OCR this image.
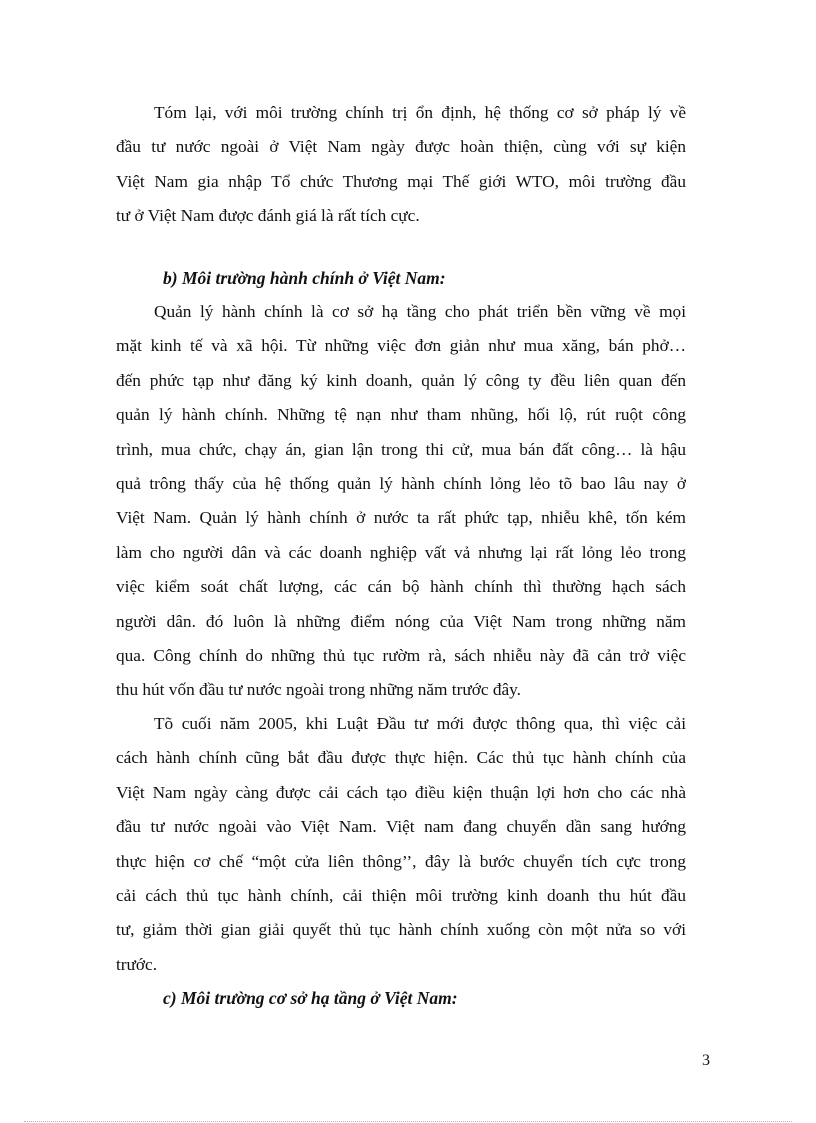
Tóm lại, với môi trường chính trị ổn định, hệ thống cơ sở pháp lý về
đầu tư nước ngoài ở Việt Nam ngày được hoàn thiện, cùng với sự kiện
Việt Nam gia nhập Tổ chức Thương mại Thế giới WTO, môi trường đầu
tư ở Việt Nam được đánh giá là rất tích cực.
b) Môi trường hành chính ở Việt Nam:
Quản lý hành chính là cơ sở hạ tầng cho phát triển bền vững về mọi
mặt kinh tế và xã hội. Từ những việc đơn giản như mua xăng, bán phở…
đến phức tạp như đăng ký kinh doanh, quản lý công ty đều liên quan đến
quản lý hành chính. Những tệ nạn như tham nhũng, hối lộ, rút ruột công
trình, mua chức, chạy án, gian lận trong thi cử, mua bán đất công… là hậu
quả trông thấy của hệ thống quản lý hành chính lỏng lẻo tõ bao lâu nay ở
Việt Nam. Quản lý hành chính ở nước ta rất phức tạp, nhiễu khê, tốn kém
làm cho người dân và các doanh nghiệp vất vả nhưng lại rất lỏng lẻo trong
việc kiểm soát chất lượng, các cán bộ hành chính thì thường hạch sách
người dân. đó luôn là những điểm nóng của Việt Nam trong những năm
qua. Công chính do những thủ tục rườm rà, sách nhiễu này đã cản trở việc
thu hút vốn đầu tư nước ngoài trong những năm trước đây.
Tõ cuối năm 2005, khi Luật Đầu tư mới được thông qua, thì việc cải
cách hành chính cũng bắt đầu được thực hiện. Các thủ tục hành chính của
Việt Nam ngày càng được cải cách tạo điều kiện thuận lợi hơn cho các nhà
đầu tư nước ngoài vào Việt Nam. Việt nam đang chuyển dần sang hướng
thực hiện cơ chế “một cửa liên thông’’, đây là bước chuyển tích cực trong
cải cách thủ tục hành chính, cải thiện môi trường kinh doanh thu hút đầu
tư, giảm thời gian giải quyết thủ tục hành chính xuống còn một nửa so với
trước.
c) Môi trường cơ sở hạ tầng ở Việt Nam:
3
